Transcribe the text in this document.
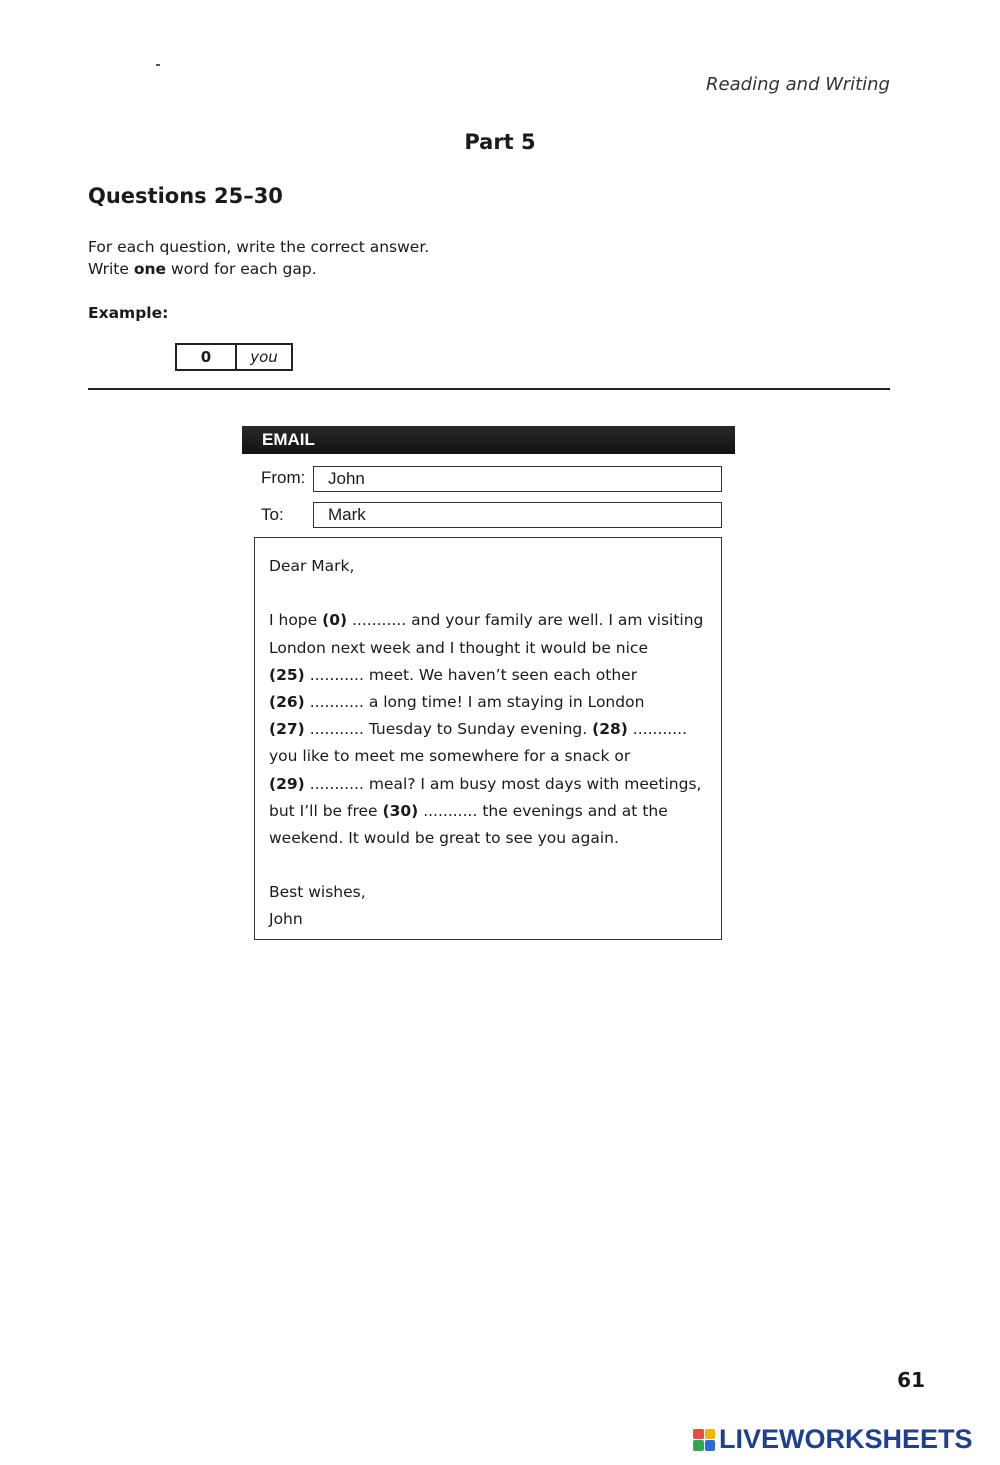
Reading and Writing
Part 5
Questions 25–30
For each question, write the correct answer.
Write one word for each gap.
Example:
0	you
EMAIL
From:	John
To:	Mark
Dear Mark,
I hope (0) ........... and your family are well. I am visiting
London next week and I thought it would be nice
(25) ........... meet. We haven’t seen each other
(26) ........... a long time! I am staying in London
(27) ........... Tuesday to Sunday evening. (28) ...........
you like to meet me somewhere for a snack or
(29) ........... meal? I am busy most days with meetings,
but I’ll be free (30) ........... the evenings and at the
weekend. It would be great to see you again.
Best wishes,
John
61
LIVEWORKSHEETS
